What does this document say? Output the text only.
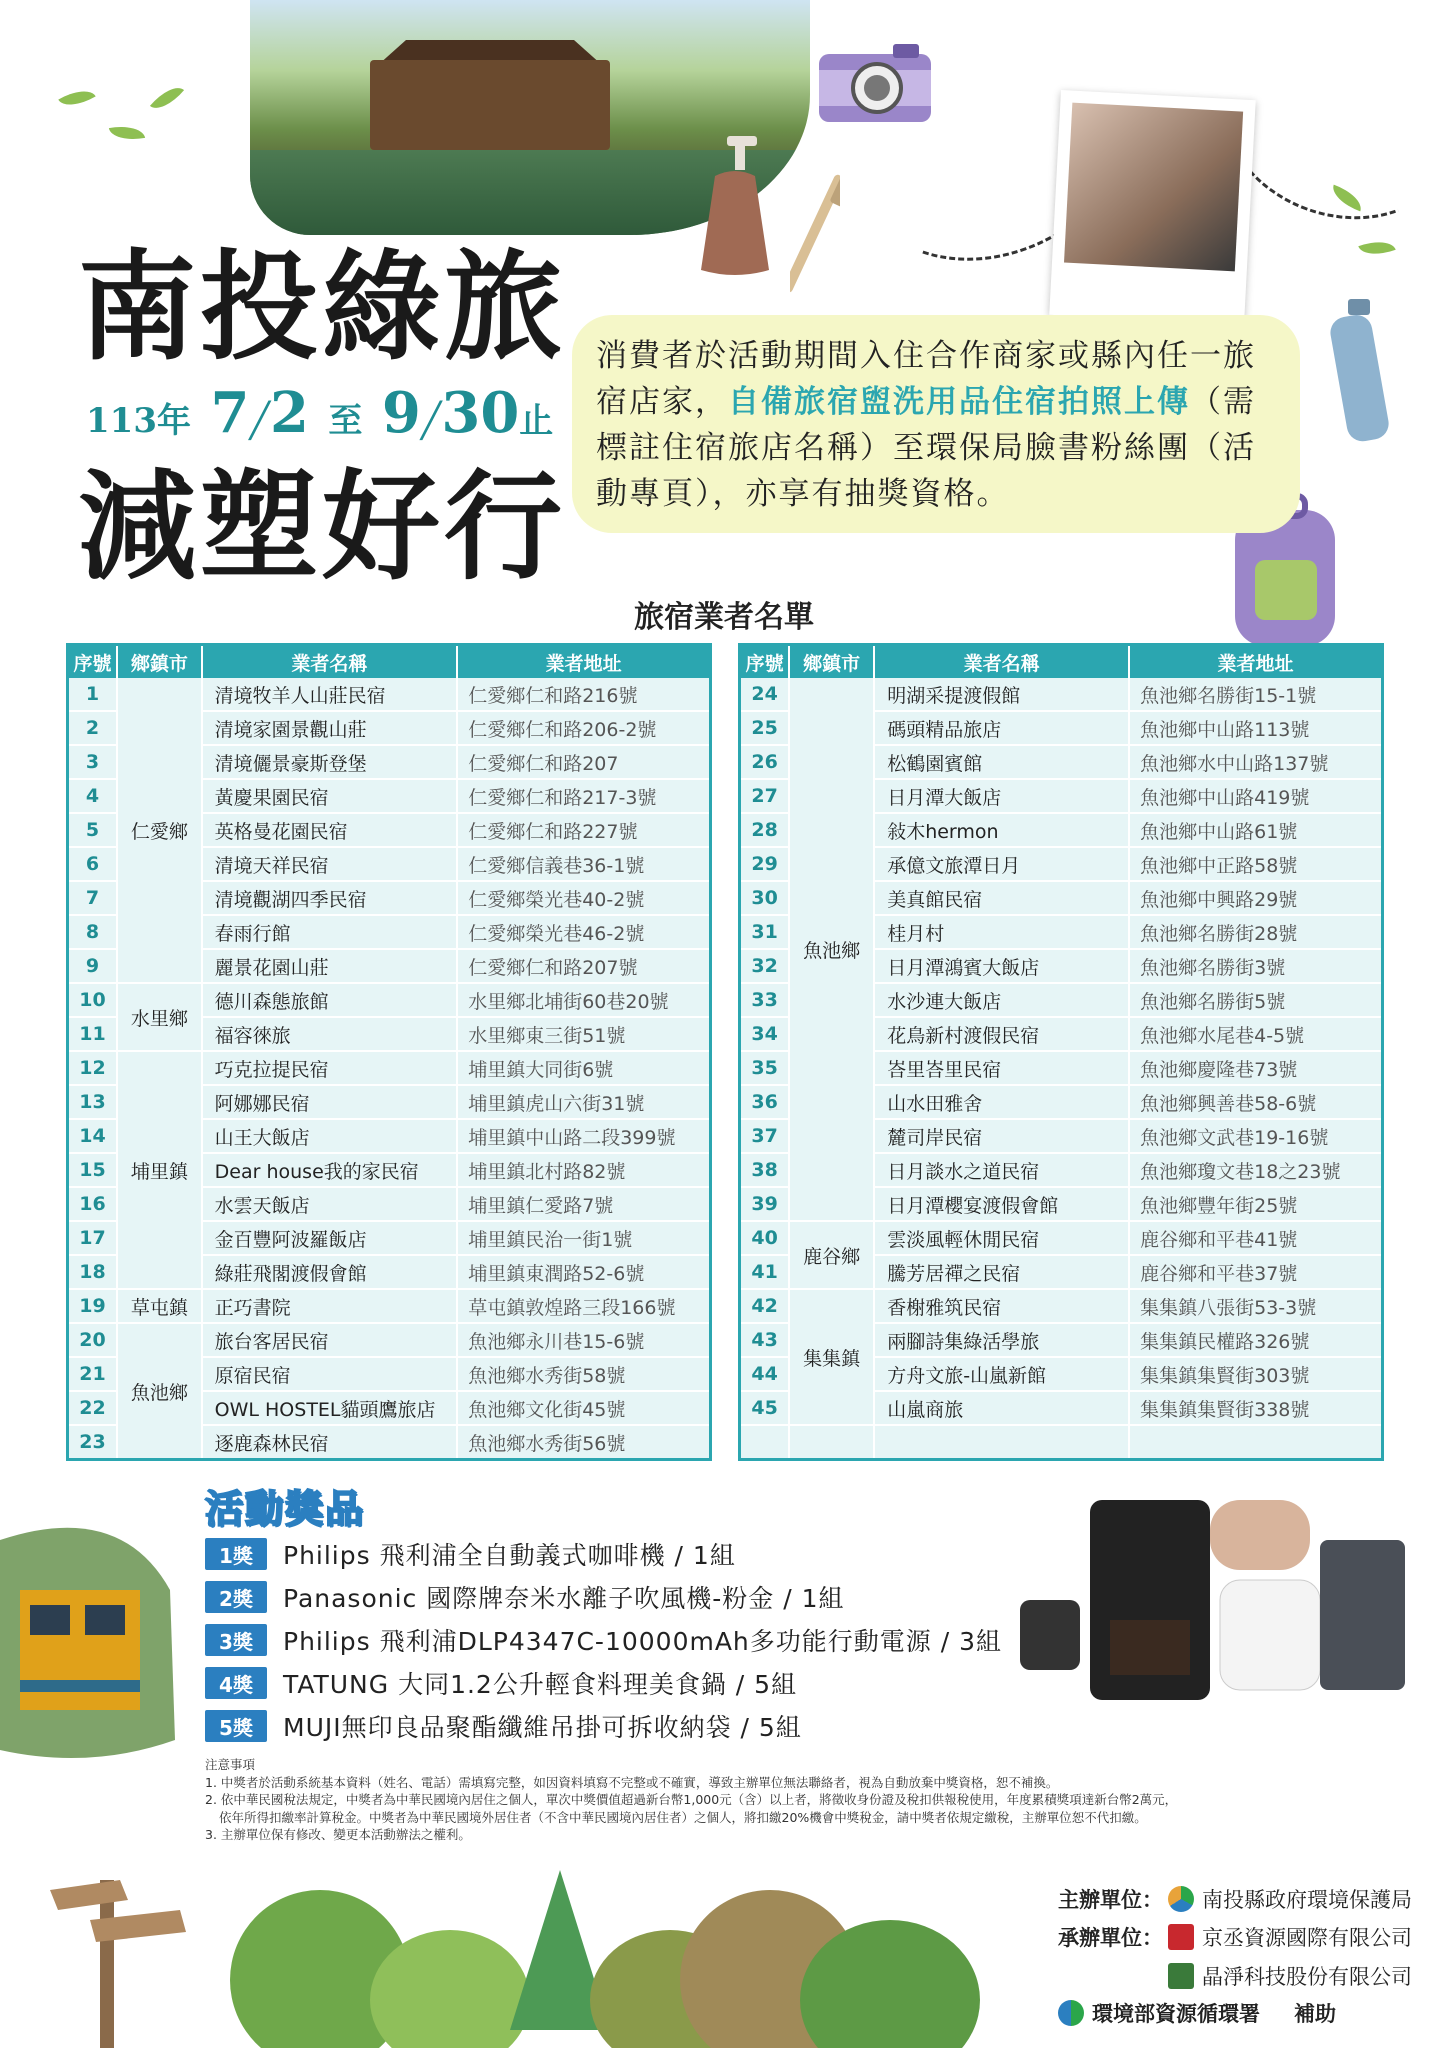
南投綠旅
113年 7╱2 至 9╱30止
減塑好行
消費者於活動期間入住合作商家或縣內任一旅宿店家，自備旅宿盥洗用品住宿拍照上傳（需標註住宿旅店名稱）至環保局臉書粉絲團（活動專頁），亦享有抽獎資格。
旅宿業者名單
序號	鄉鎮市	業者名稱	業者地址
1	仁愛鄉	清境牧羊人山莊民宿	仁愛鄉仁和路216號
2		清境家園景觀山莊	仁愛鄉仁和路206-2號
3		清境儷景豪斯登堡	仁愛鄉仁和路207
4		黃慶果園民宿	仁愛鄉仁和路217-3號
5		英格曼花園民宿	仁愛鄉仁和路227號
6		清境天祥民宿	仁愛鄉信義巷36-1號
7		清境觀湖四季民宿	仁愛鄉榮光巷40-2號
8		春雨行館	仁愛鄉榮光巷46-2號
9		麗景花園山莊	仁愛鄉仁和路207號
10	水里鄉	德川森態旅館	水里鄉北埔街60巷20號
11		福容徠旅	水里鄉東三街51號
12	埔里鎮	巧克拉提民宿	埔里鎮大同街6號
13		阿娜娜民宿	埔里鎮虎山六街31號
14		山王大飯店	埔里鎮中山路二段399號
15		Dear house我的家民宿	埔里鎮北村路82號
16		水雲天飯店	埔里鎮仁愛路7號
17		金百豐阿波羅飯店	埔里鎮民治一街1號
18		綠莊飛閣渡假會館	埔里鎮東潤路52-6號
19	草屯鎮	正巧書院	草屯鎮敦煌路三段166號
20	魚池鄉	旅台客居民宿	魚池鄉永川巷15-6號
21		原宿民宿	魚池鄉水秀街58號
22		OWL HOSTEL貓頭鷹旅店	魚池鄉文化街45號
23		逐鹿森林民宿	魚池鄉水秀街56號
序號	鄉鎮市	業者名稱	業者地址
24	魚池鄉	明湖采提渡假館	魚池鄉名勝街15-1號
25		碼頭精品旅店	魚池鄉中山路113號
26		松鶴園賓館	魚池鄉水中山路137號
27		日月潭大飯店	魚池鄉中山路419號
28		敍木hermon	魚池鄉中山路61號
29		承億文旅潭日月	魚池鄉中正路58號
30		美真館民宿	魚池鄉中興路29號
31		桂月村	魚池鄉名勝街28號
32		日月潭鴻賓大飯店	魚池鄉名勝街3號
33		水沙連大飯店	魚池鄉名勝街5號
34		花鳥新村渡假民宿	魚池鄉水尾巷4-5號
35		峇里峇里民宿	魚池鄉慶隆巷73號
36		山水田雅舍	魚池鄉興善巷58-6號
37		麓司岸民宿	魚池鄉文武巷19-16號
38		日月談水之道民宿	魚池鄉瓊文巷18之23號
39		日月潭櫻宴渡假會館	魚池鄉豐年街25號
40	鹿谷鄉	雲淡風輕休閒民宿	鹿谷鄉和平巷41號
41		騰芳居禪之民宿	鹿谷鄉和平巷37號
42	集集鎮	香榭雅筑民宿	集集鎮八張街53-3號
43		兩腳詩集綠活學旅	集集鎮民權路326號
44		方舟文旅-山嵐新館	集集鎮集賢街303號
45		山嵐商旅	集集鎮集賢街338號

活動獎品
1獎	Philips 飛利浦全自動義式咖啡機 / 1組
2獎	Panasonic 國際牌奈米水離子吹風機-粉金 / 1組
3獎	Philips 飛利浦DLP4347C-10000mAh多功能行動電源 / 3組
4獎	TATUNG 大同1.2公升輕食料理美食鍋 / 5組
5獎	MUJI無印良品聚酯纖維吊掛可拆收納袋 / 5組
注意事項
1. 中獎者於活動系統基本資料（姓名、電話）需填寫完整，如因資料填寫不完整或不確實，導致主辦單位無法聯絡者，視為自動放棄中獎資格，恕不補換。
2. 依中華民國稅法規定，中獎者為中華民國境內居住之個人，單次中獎價值超過新台幣1,000元（含）以上者，將徵收身份證及稅扣供報稅使用，年度累積獎項達新台幣2萬元，
依年所得扣繳率計算稅金。中獎者為中華民國境外居住者（不含中華民國境內居住者）之個人，將扣繳20%機會中獎稅金，請中獎者依規定繳稅，主辦單位恕不代扣繳。
3. 主辦單位保有修改、變更本活動辦法之權利。
主辦單位： 南投縣政府環境保護局
承辦單位： 京丞資源國際有限公司
晶淨科技股份有限公司
環境部資源循環署 補助
